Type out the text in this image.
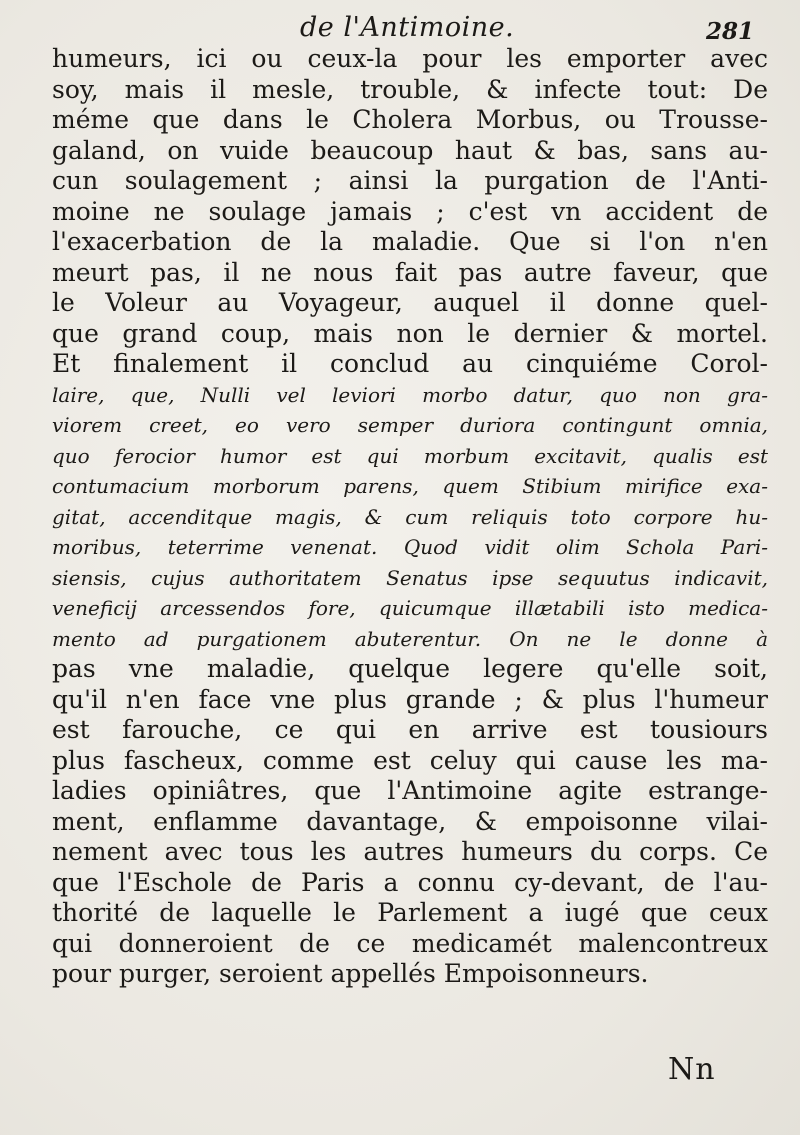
de l'Antimoine.	281
humeurs, ici ou ceux-la pour les emporter avec
soy, mais il mesle, trouble, & infecte tout: De
méme que dans le Cholera Morbus, ou Trousse-
galand, on vuide beaucoup haut & bas, sans au-
cun soulagement ; ainsi la purgation de l'Anti-
moine ne soulage jamais ; c'est vn accident de
l'exacerbation de la maladie. Que si l'on n'en
meurt pas, il ne nous fait pas autre faveur, que
le Voleur au Voyageur, auquel il donne quel-
que grand coup, mais non le dernier & mortel.
Et finalement il conclud au cinquiéme Corol-
laire, que, Nulli vel leviori morbo datur, quo non gra-
viorem creet, eo vero semper duriora contingunt omnia,
quo ferocior humor est qui morbum excitavit, qualis est
contumacium morborum parens, quem Stibium mirifice exa-
gitat, accenditque magis, & cum reliquis toto corpore hu-
moribus, teterrime venenat. Quod vidit olim Schola Pari-
siensis, cujus authoritatem Senatus ipse sequutus indicavit,
veneficij arcessendos fore, quicumque illætabili isto medica-
mento ad purgationem abuterentur. On ne le donne à
pas vne maladie, quelque legere qu'elle soit,
qu'il n'en face vne plus grande ; & plus l'humeur
est farouche, ce qui en arrive est tousiours
plus fascheux, comme est celuy qui cause les ma-
ladies opiniâtres, que l'Antimoine agite estrange-
ment, enflamme davantage, & empoisonne vilai-
nement avec tous les autres humeurs du corps. Ce
que l'Eschole de Paris a connu cy-devant, de l'au-
thorité de laquelle le Parlement a iugé que ceux
qui donneroient de ce medicamét malencontreux
pour purger, seroient appellés Empoisonneurs.
Nn
